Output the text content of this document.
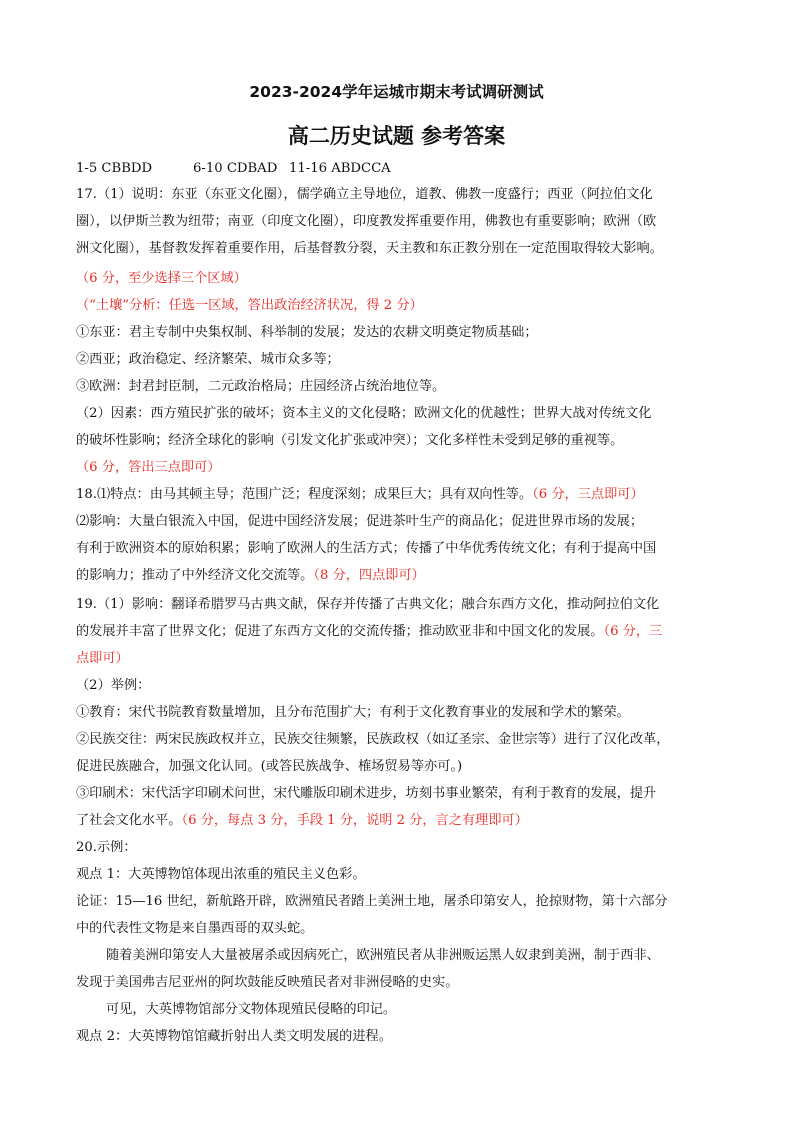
2023-2024学年运城市期末考试调研测试
高二历史试题 参考答案
1-5 CBBDD	6-10 CDBAD 11-16 ABDCCA
17.（1）说明：东亚（东亚文化圈），儒学确立主导地位，道教、佛教一度盛行；西亚（阿拉伯文化
圈），以伊斯兰教为纽带；南亚（印度文化圈），印度教发挥重要作用，佛教也有重要影响；欧洲（欧
洲文化圈），基督教发挥着重要作用，后基督教分裂，天主教和东正教分别在一定范围取得较大影响。
（6 分，至少选择三个区域）
（“土壤”分析：任选一区域，答出政治经济状况，得 2 分）
①东亚：君主专制中央集权制、科举制的发展；发达的农耕文明奠定物质基础；
②西亚；政治稳定、经济繁荣、城市众多等；
③欧洲：封君封臣制，二元政治格局；庄园经济占统治地位等。
（2）因素：西方殖民扩张的破坏；资本主义的文化侵略；欧洲文化的优越性；世界大战对传统文化
的破坏性影响；经济全球化的影响（引发文化扩张或冲突）；文化多样性未受到足够的重视等。
（6 分，答出三点即可）
18.⑴特点：由马其顿主导；范围广泛；程度深刻；成果巨大；具有双向性等。（6 分，三点即可）
⑵影响：大量白银流入中国，促进中国经济发展；促进茶叶生产的商品化；促进世界市场的发展；
有利于欧洲资本的原始积累；影响了欧洲人的生活方式；传播了中华优秀传统文化；有利于提高中国
的影响力；推动了中外经济文化交流等。（8 分，四点即可）
19.（1）影响：翻译希腊罗马古典文献，保存并传播了古典文化；融合东西方文化，推动阿拉伯文化
的发展并丰富了世界文化；促进了东西方文化的交流传播；推动欧亚非和中国文化的发展。（6 分，三
点即可）
（2）举例：
①教育：宋代书院教育数量增加，且分布范围扩大；有利于文化教育事业的发展和学术的繁荣。
②民族交往：两宋民族政权并立，民族交往频繁，民族政权（如辽圣宗、金世宗等）进行了汉化改革，
促进民族融合，加强文化认同。(或答民族战争、榷场贸易等亦可。)
③印刷术：宋代活字印刷术问世，宋代雕版印刷术进步，坊刻书事业繁荣，有利于教育的发展，提升
了社会文化水平。（6 分，每点 3 分，手段 1 分，说明 2 分，言之有理即可）
20.示例：
观点 1：大英博物馆体现出浓重的殖民主义色彩。
论证：15—16 世纪，新航路开辟，欧洲殖民者踏上美洲土地，屠杀印第安人，抢掠财物，第十六部分
中的代表性文物是来自墨西哥的双头蛇。
随着美洲印第安人大量被屠杀或因病死亡，欧洲殖民者从非洲贩运黑人奴隶到美洲，制于西非、
发现于美国弗吉尼亚州的阿坎鼓能反映殖民者对非洲侵略的史实。
可见，大英博物馆部分文物体现殖民侵略的印记。
观点 2：大英博物馆馆藏折射出人类文明发展的进程。
